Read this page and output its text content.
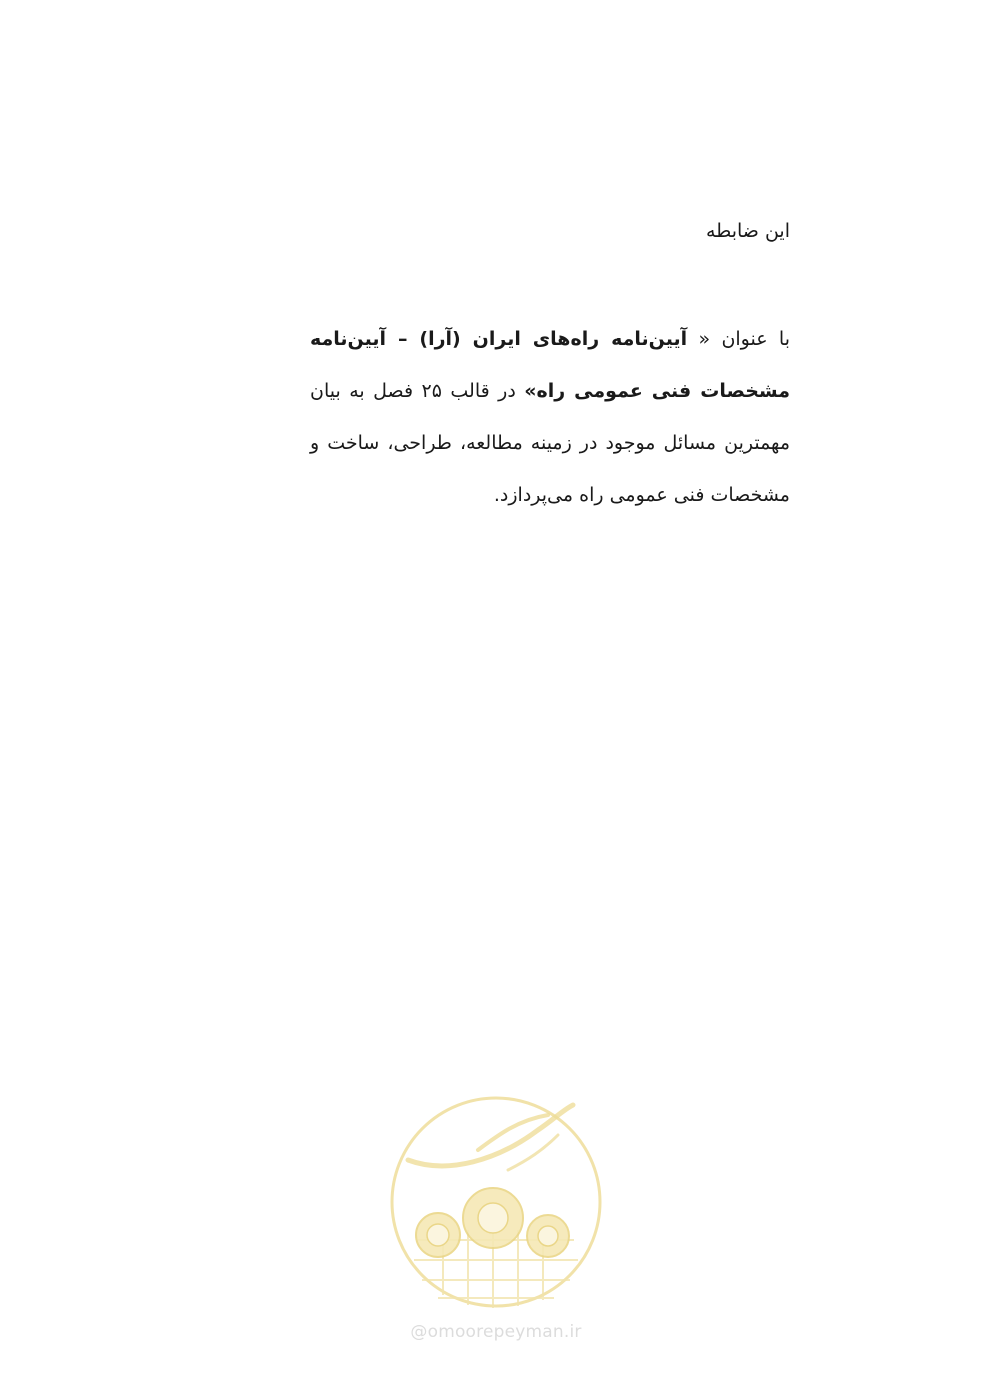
این ضابطه

با عنوان « آیین‌نامه راه‌های ایران (آرا) – آیین‌نامه مشخصات فنی عمومی راه» در قالب ۲۵ فصل به بیان مهمترین مسائل موجود در زمینه مطالعه، طراحی، ساخت و مشخصات فنی عمومی راه می‌پردازد.

@omoorepeyman.ir
